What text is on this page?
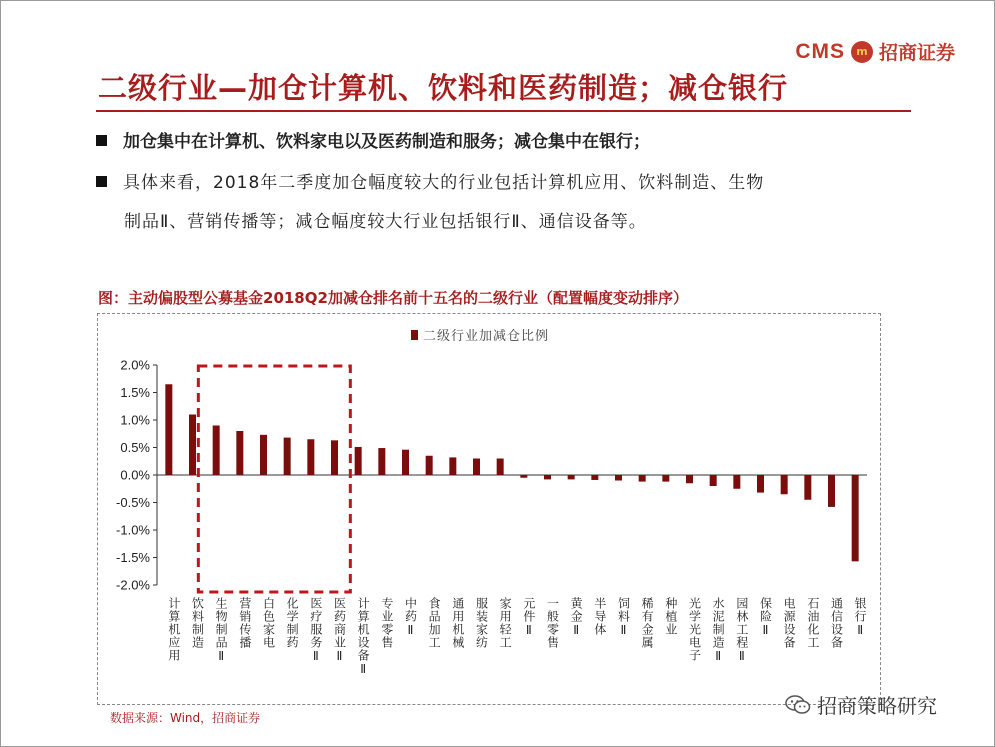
CMS m 招商证券
二级行业—加仓计算机、饮料和医药制造；减仓银行
加仓集中在计算机、饮料家电以及医药制造和服务；减仓集中在银行；
具体来看，2018年二季度加仓幅度较大的行业包括计算机应用、饮料制造、生物
制品Ⅱ、营销传播等；减仓幅度较大行业包括银行Ⅱ、通信设备等。
图：主动偏股型公募基金2018Q2加减仓排名前十五名的二级行业（配置幅度变动排序）
2.0%
1.5%
1.0%
0.5%
0.0%
-0.5%
-1.0%
-1.5%
-2.0%
计算机应用 饮料制造 生物制品Ⅱ 营销传播 白色家电 化学制药 医疗服务Ⅱ 医药商业Ⅱ 计算机设备Ⅱ 专业零售 中药Ⅱ 食品加工 通用机械 服装家纺 家用轻工 元件Ⅱ 一般零售 黄金Ⅱ 半导体 饲料Ⅱ 稀有金属 种植业 光学光电子 水泥制造Ⅱ 园林工程Ⅱ 保险Ⅱ 电源设备 石油化工 通信设备 银行Ⅱ
二级行业加减仓比例
数据来源：Wind，招商证券	招商策略研究
